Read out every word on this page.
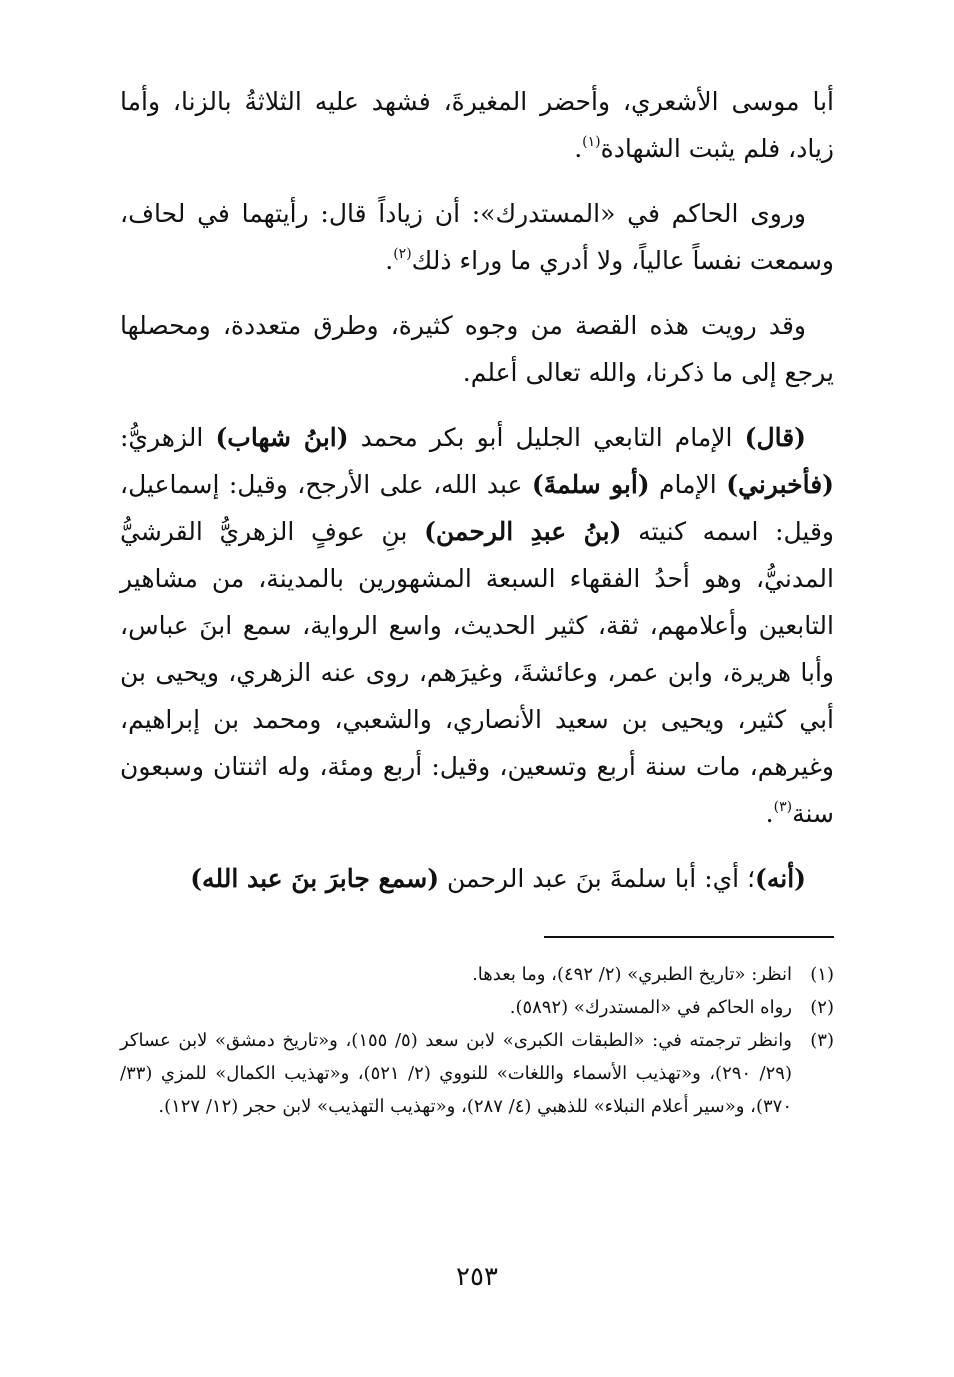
أبا موسى الأشعري، وأحضر المغيرةَ، فشهد عليه الثلاثةُ بالزنا، وأما زياد، فلم يثبت الشهادة$^{(١)}$.

وروى الحاكم في «المستدرك»: أن زياداً قال: رأيتهما في لحاف، وسمعت نفساً عالياً، ولا أدري ما وراء ذلك$^{(٢)}$.

وقد رويت هذه القصة من وجوه كثيرة، وطرق متعددة، ومحصلها يرجع إلى ما ذكرنا، والله تعالى أعلم.

(قال) الإمام التابعي الجليل أبو بكر محمد (ابنُ شهاب) الزهريُّ: (فأخبرني) الإمام (أبو سلمةَ) عبد الله، على الأرجح، وقيل: إسماعيل، وقيل: اسمه كنيته (بنُ عبدِ الرحمن) بنِ عوفٍ الزهريُّ القرشيُّ المدنيُّ، وهو أحدُ الفقهاء السبعة المشهورين بالمدينة، من مشاهير التابعين وأعلامهم، ثقة، كثير الحديث، واسع الرواية، سمع ابنَ عباس، وأبا هريرة، وابن عمر، وعائشةَ، وغيرَهم، روى عنه الزهري، ويحيى بن أبي كثير، ويحيى بن سعيد الأنصاري، والشعبي، ومحمد بن إبراهيم، وغيرهم، مات سنة أربع وتسعين، وقيل: أربع ومئة، وله اثنتان وسبعون سنة$^{(٣)}$.

(أنه)؛ أي: أبا سلمةَ بنَ عبد الرحمن (سمع جابرَ بنَ عبد الله)

(١)
انظر: «تاريخ الطبري» (٢/ ٤٩٢)، وما بعدها.
(٢)
رواه الحاكم في «المستدرك» (٥٨٩٢).
(٣)
وانظر ترجمته في: «الطبقات الكبرى» لابن سعد (٥/ ١٥٥)، و«تاريخ دمشق» لابن عساكر (٢٩/ ٢٩٠)، و«تهذيب الأسماء واللغات» للنووي (٢/ ٥٢١)، و«تهذيب الكمال» للمزي (٣٣/ ٣٧٠)، و«سير أعلام النبلاء» للذهبي (٤/ ٢٨٧)، و«تهذيب التهذيب» لابن حجر (١٢/ ١٢٧).
٢٥٣
